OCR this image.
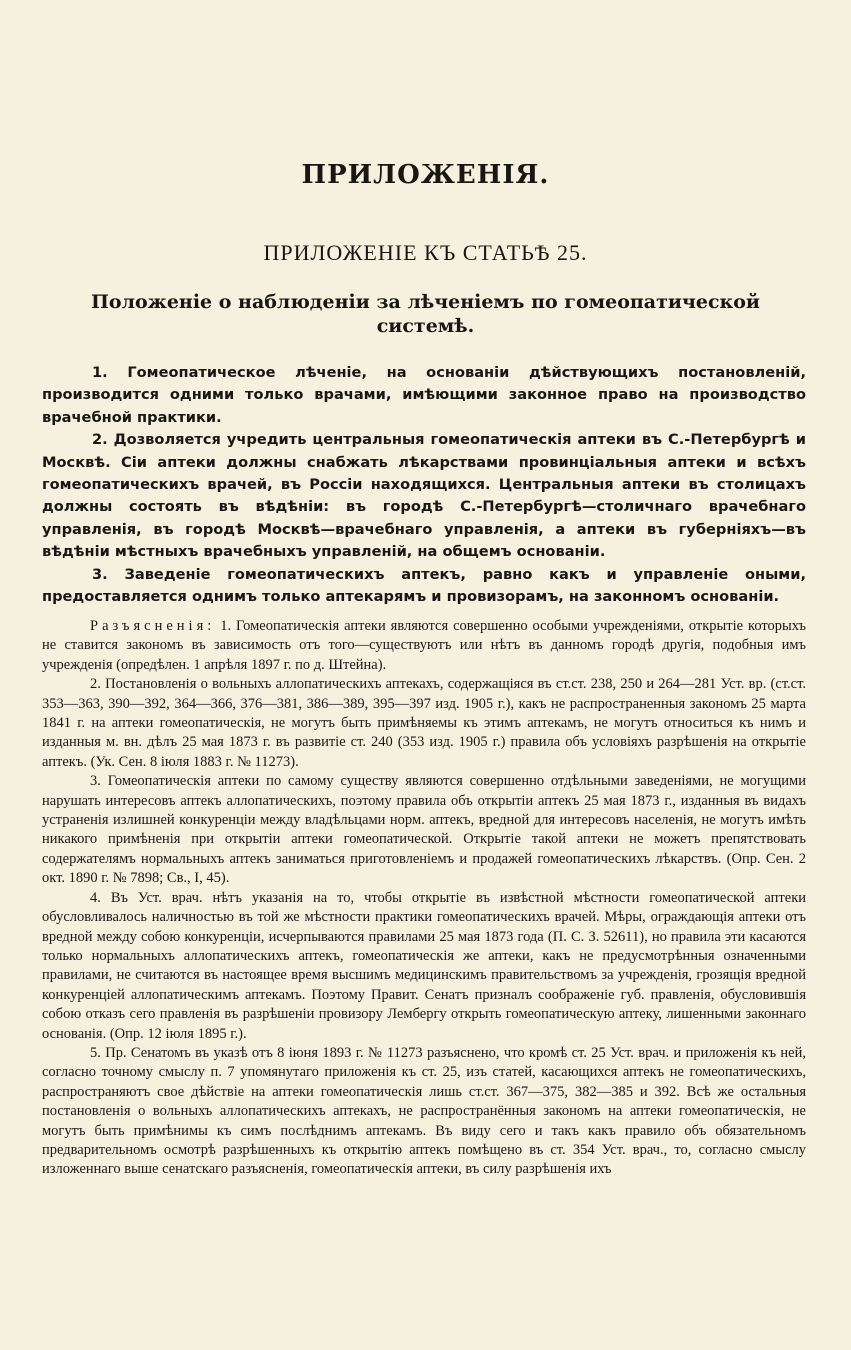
ПРИЛОЖЕНІЯ.
ПРИЛОЖЕНІЕ КЪ СТАТЬѢ 25.
Положеніе о наблюденіи за лѣченіемъ по гомеопатической системѣ.

1. Гомеопатическое лѣченіе, на основаніи дѣйствующихъ постановленій, производится одними только врачами, имѣющими законное право на производство врачебной практики.

2. Дозволяется учредить центральныя гомеопатическія аптеки въ С.-Петербургѣ и Москвѣ. Сіи аптеки должны снабжать лѣкарствами провинціальныя аптеки и всѣхъ гомеопатическихъ врачей, въ Россіи находящихся. Центральныя аптеки въ столицахъ должны состоять въ вѣдѣніи: въ городѣ С.-Петербургѣ—столичнаго врачебнаго управленія, въ городѣ Москвѣ—врачебнаго управленія, а аптеки въ губерніяхъ—въ вѣдѣніи мѣстныхъ врачебныхъ управленій, на общемъ основаніи.

3. Заведеніе гомеопатическихъ аптекъ, равно какъ и управленіе оными, предоставляется однимъ только аптекарямъ и провизорамъ, на законномъ основаніи.

Разъясненія: 1. Гомеопатическія аптеки являются совершенно особыми учрежденіями, открытіе которыхъ не ставится закономъ въ зависимость отъ того—существуютъ или нѣтъ въ данномъ городѣ другія, подобныя имъ учрежденія (опредѣлен. 1 апрѣля 1897 г. по д. Штейна).

2. Постановленія о вольныхъ аллопатическихъ аптекахъ, содержащіяся въ ст.ст. 238, 250 и 264—281 Уст. вр. (ст.ст. 353—363, 390—392, 364—366, 376—381, 386—389, 395—397 изд. 1905 г.), какъ не распространенныя закономъ 25 марта 1841 г. на аптеки гомеопатическія, не могутъ быть примѣняемы къ этимъ аптекамъ, не могутъ относиться къ нимъ и изданныя м. вн. дѣлъ 25 мая 1873 г. въ развитіе ст. 240 (353 изд. 1905 г.) правила объ условіяхъ разрѣшенія на открытіе аптекъ. (Ук. Сен. 8 іюля 1883 г. № 11273).

3. Гомеопатическія аптеки по самому существу являются совершенно отдѣльными заведеніями, не могущими нарушать интересовъ аптекъ аллопатическихъ, поэтому правила объ открытіи аптекъ 25 мая 1873 г., изданныя въ видахъ устраненія излишней конкуренціи между владѣльцами норм. аптекъ, вредной для интересовъ населенія, не могутъ имѣть никакого примѣненія при открытіи аптеки гомеопатической. Открытіе такой аптеки не можетъ препятствовать содержателямъ нормальныхъ аптекъ заниматься приготовленіемъ и продажей гомеопатическихъ лѣкарствъ. (Опр. Сен. 2 окт. 1890 г. № 7898; Св., I, 45).

4. Въ Уст. врач. нѣтъ указанія на то, чтобы открытіе въ извѣстной мѣстности гомеопатической аптеки обусловливалось наличностью въ той же мѣстности практики гомеопатическихъ врачей. Мѣры, ограждающія аптеки отъ вредной между собою конкуренціи, исчерпываются правилами 25 мая 1873 года (П. С. З. 52611), но правила эти касаются только нормальныхъ аллопатическихъ аптекъ, гомеопатическія же аптеки, какъ не предусмотрѣнныя означенными правилами, не считаются въ настоящее время высшимъ медицинскимъ правительствомъ за учрежденія, грозящія вредной конкуренціей аллопатическимъ аптекамъ. Поэтому Правит. Сенатъ призналъ соображеніе губ. правленія, обусловившія собою отказъ сего правленія въ разрѣшеніи провизору Лембергу открыть гомеопатическую аптеку, лишенными законнаго основанія. (Опр. 12 іюля 1895 г.).

5. Пр. Сенатомъ въ указѣ отъ 8 іюня 1893 г. № 11273 разъяснено, что кромѣ ст. 25 Уст. врач. и приложенія къ ней, согласно точному смыслу п. 7 упомянутаго приложенія къ ст. 25, изъ статей, касающихся аптекъ не гомеопатическихъ, распространяютъ свое дѣйствіе на аптеки гомеопатическія лишь ст.ст. 367—375, 382—385 и 392. Всѣ же остальныя постановленія о вольныхъ аллопатическихъ аптекахъ, не распространённыя закономъ на аптеки гомеопатическія, не могутъ быть примѣнимы къ симъ послѣднимъ аптекамъ. Въ виду сего и такъ какъ правило объ обязательномъ предварительномъ осмотрѣ разрѣшенныхъ къ открытію аптекъ помѣщено въ ст. 354 Уст. врач., то, согласно смыслу изложеннаго выше сенатскаго разъясненія, гомеопатическія аптеки, въ силу разрѣшенія ихъ
